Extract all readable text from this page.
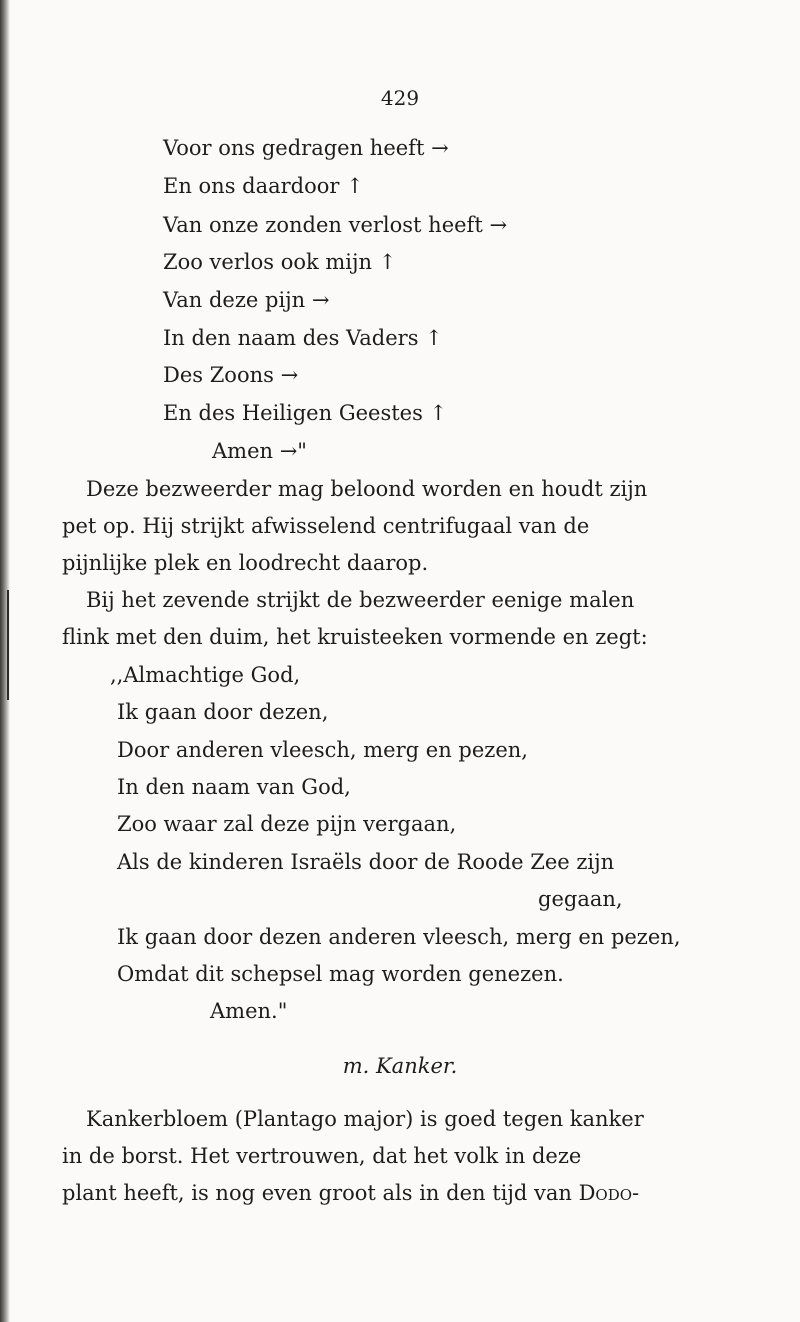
429
Voor ons gedragen heeft →
En ons daardoor ↑
Van onze zonden verlost heeft →
Zoo verlos ook mijn ↑
Van deze pijn →
In den naam des Vaders ↑
Des Zoons →
En des Heiligen Geestes ↑
Amen →"
Deze bezweerder mag beloond worden en houdt zijn
pet op. Hij strijkt afwisselend centrifugaal van de
pijnlijke plek en loodrecht daarop.
Bij het zevende strijkt de bezweerder eenige malen
flink met den duim, het kruisteeken vormende en zegt:
,,Almachtige God,
Ik gaan door dezen,
Door anderen vleesch, merg en pezen,
In den naam van God,
Zoo waar zal deze pijn vergaan,
Als de kinderen Israëls door de Roode Zee zijn
gegaan,
Ik gaan door dezen anderen vleesch, merg en pezen,
Omdat dit schepsel mag worden genezen.
Amen."
m. Kanker.
Kankerbloem (Plantago major) is goed tegen kanker
in de borst. Het vertrouwen, dat het volk in deze
plant heeft, is nog even groot als in den tijd van Dodo-
